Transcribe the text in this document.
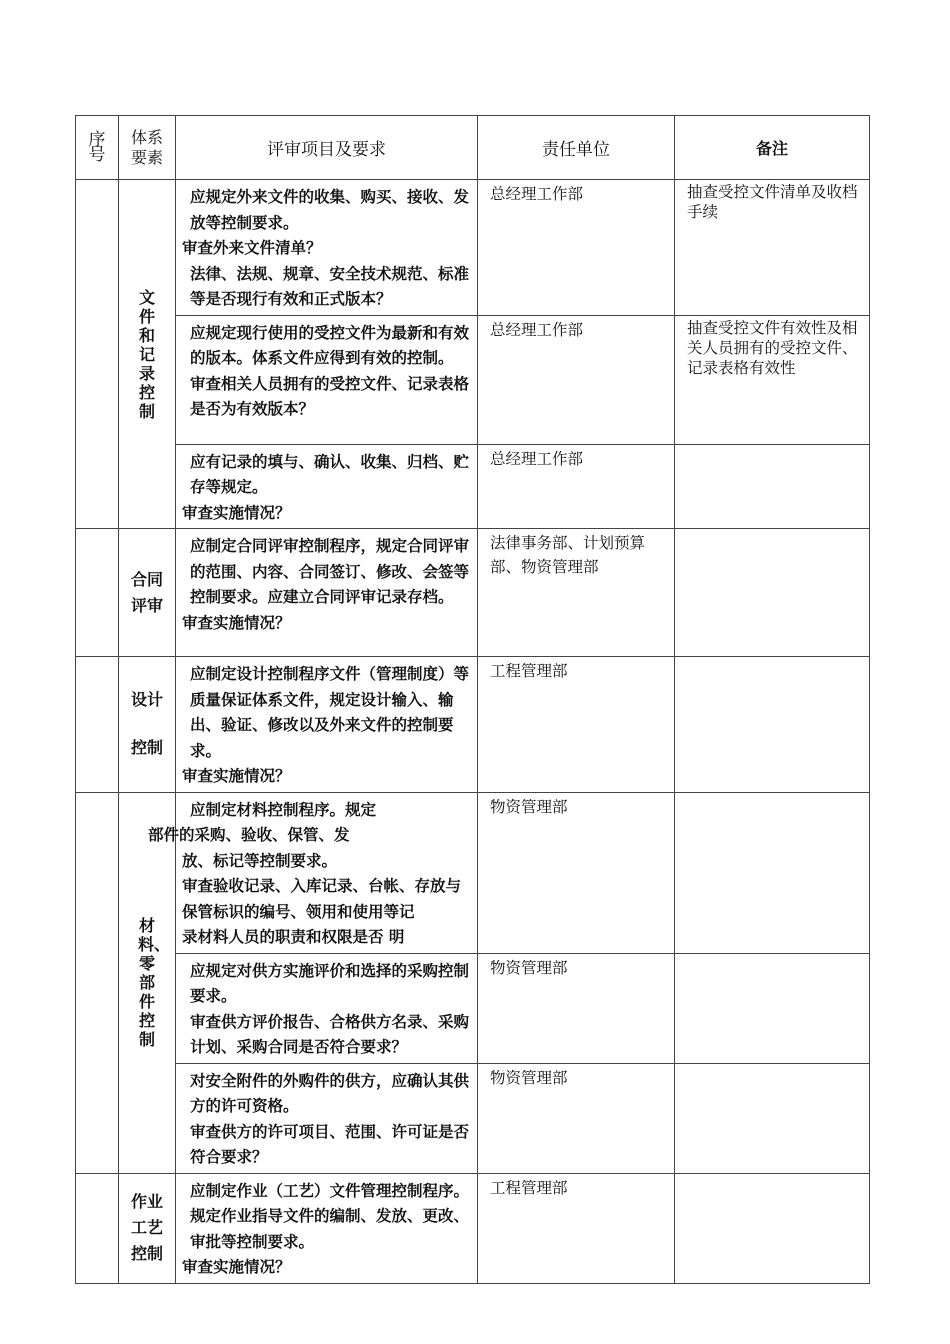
序号	体系要素	评审项目及要求	责任单位	备注

	文件和记录控制	应规定外来文件的收集、购买、接收、发放等控制要求。
审查外来文件清单？
法律、法规、规章、安全技术规范、标准等是否现行有效和正式版本？	总经理工作部	抽查受控文件清单及收档手续

		应规定现行使用的受控文件为最新和有效的版本。体系文件应得到有效的控制。
审查相关人员拥有的受控文件、记录表格是否为有效版本？	总经理工作部	抽查受控文件有效性及相关人员拥有的受控文件、记录表格有效性

		应有记录的填与、确认、收集、归档、贮存等规定。
审查实施情况？	总经理工作部	

	合同评审	应制定合同评审控制程序，规定合同评审的范围、内容、合同签订、修改、会签等控制要求。应建立合同评审记录存档。
审查实施情况？	法律事务部、计划预算部、物资管理部	

	设计控制	应制定设计控制程序文件（管理制度）等质量保证体系文件，规定设计输入、输出、验证、修改以及外来文件的控制要求。
审查实施情况？	工程管理部	

	材料、零部件控制	应制定材料控制程序。规定
部件的采购、验收、保管、发
放、标记等控制要求。
审查验收记录、入库记录、台帐、存放与保管标识的编号、领用和使用等记
录材料人员的职责和权限是否 明	物资管理部	

		应规定对供方实施评价和选择的采购控制要求。
审查供方评价报告、合格供方名录、采购计划、采购合同是否符合要求？	物资管理部	

		对安全附件的外购件的供方，应确认其供方的许可资格。
审查供方的许可项目、范围、许可证是否符合要求？	物资管理部	

	作业工艺控制	应制定作业（工艺）文件管理控制程序。规定作业指导文件的编制、发放、更改、审批等控制要求。
审查实施情况？	工程管理部	
